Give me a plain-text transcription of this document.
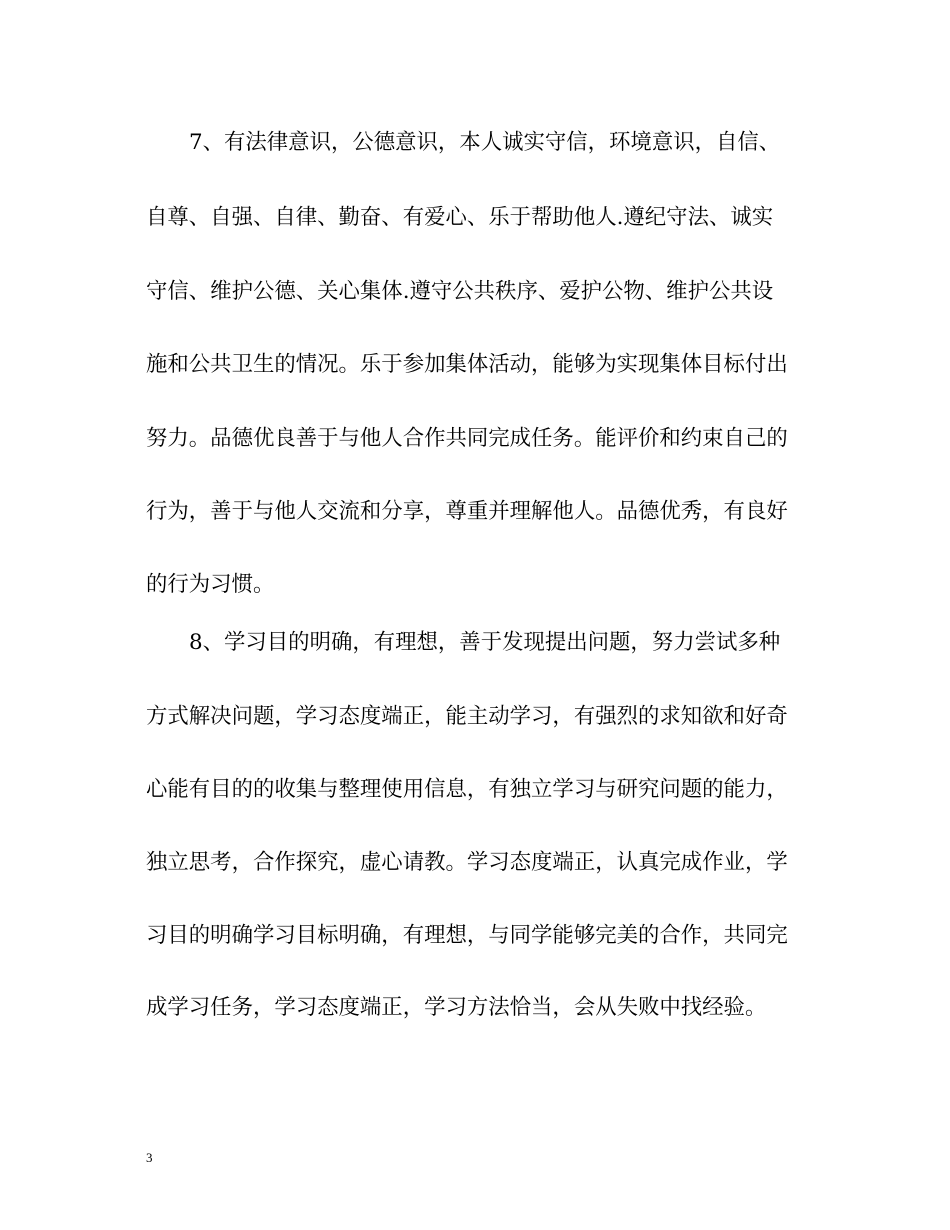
7、有法律意识，公德意识，本人诚实守信，环境意识，自信、
自尊、自强、自律、勤奋、有爱心、乐于帮助他人.遵纪守法、诚实
守信、维护公德、关心集体.遵守公共秩序、爱护公物、维护公共设
施和公共卫生的情况。乐于参加集体活动，能够为实现集体目标付出
努力。品德优良善于与他人合作共同完成任务。能评价和约束自己的
行为，善于与他人交流和分享，尊重并理解他人。品德优秀，有良好
的行为习惯。
8、学习目的明确，有理想，善于发现提出问题，努力尝试多种
方式解决问题，学习态度端正，能主动学习，有强烈的求知欲和好奇
心能有目的的收集与整理使用信息，有独立学习与研究问题的能力，
独立思考，合作探究，虚心请教。学习态度端正，认真完成作业，学
习目的明确学习目标明确，有理想，与同学能够完美的合作，共同完
成学习任务，学习态度端正，学习方法恰当，会从失败中找经验。
3
